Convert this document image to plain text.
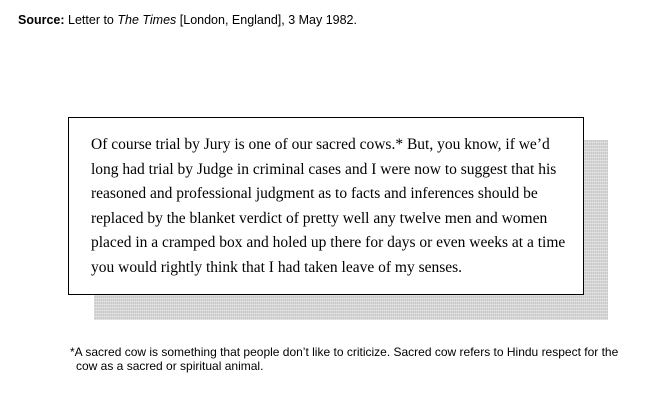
Source: Letter to The Times [London, England], 3 May 1982.

Of course trial by Jury is one of our sacred cows.* But, you know, if we’d
long had trial by Judge in criminal cases and I were now to suggest that his
reasoned and professional judgment as to facts and inferences should be
replaced by the blanket verdict of pretty well any twelve men and women
placed in a cramped box and holed up there for days or even weeks at a time
you would rightly think that I had taken leave of my senses.

*A sacred cow is something that people don’t like to criticize. Sacred cow refers to Hindu respect for the
cow as a sacred or spiritual animal.
